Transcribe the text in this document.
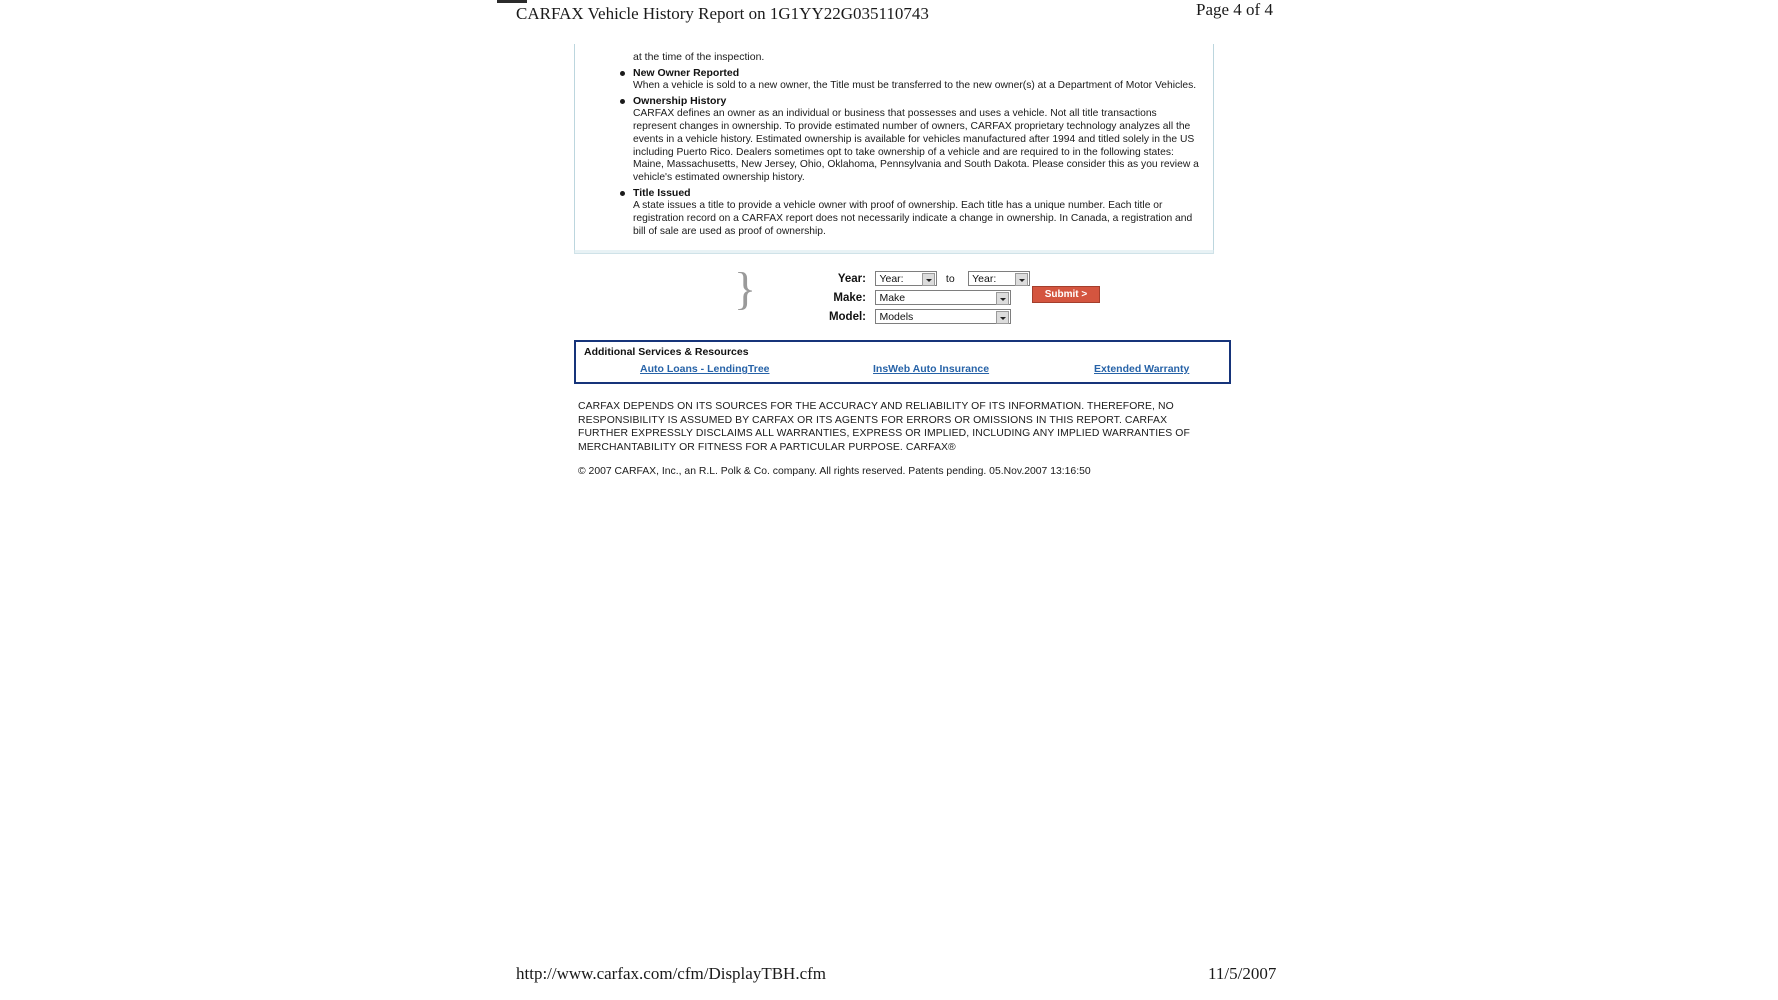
CARFAX Vehicle History Report on 1G1YY22G035110743	Page 4 of 4
at the time of the inspection.
New Owner Reported
When a vehicle is sold to a new owner, the Title must be transferred to the new owner(s) at a Department of Motor Vehicles.
Ownership History
CARFAX defines an owner as an individual or business that possesses and uses a vehicle. Not all title transactions represent changes in ownership. To provide estimated number of owners, CARFAX proprietary technology analyzes all the events in a vehicle history. Estimated ownership is available for vehicles manufactured after 1994 and titled solely in the US including Puerto Rico. Dealers sometimes opt to take ownership of a vehicle and are required to in the following states: Maine, Massachusetts, New Jersey, Ohio, Oklahoma, Pennsylvania and South Dakota. Please consider this as you review a vehicle's estimated ownership history.
Title Issued
A state issues a title to provide a vehicle owner with proof of ownership. Each title has a unique number. Each title or registration record on a CARFAX report does not necessarily indicate a change in ownership. In Canada, a registration and bill of sale are used as proof of ownership.
}	Year: Year:	to Year:
Make: Make
Model: Models
Submit >
Additional Services & Resources
Auto Loans - LendingTree	InsWeb Auto Insurance	Extended Warranty
CARFAX DEPENDS ON ITS SOURCES FOR THE ACCURACY AND RELIABILITY OF ITS INFORMATION. THEREFORE, NO RESPONSIBILITY IS ASSUMED BY CARFAX OR ITS AGENTS FOR ERRORS OR OMISSIONS IN THIS REPORT. CARFAX FURTHER EXPRESSLY DISCLAIMS ALL WARRANTIES, EXPRESS OR IMPLIED, INCLUDING ANY IMPLIED WARRANTIES OF MERCHANTABILITY OR FITNESS FOR A PARTICULAR PURPOSE. CARFAX®
© 2007 CARFAX, Inc., an R.L. Polk & Co. company. All rights reserved. Patents pending. 05.Nov.2007 13:16:50
http://www.carfax.com/cfm/DisplayTBH.cfm	11/5/2007
